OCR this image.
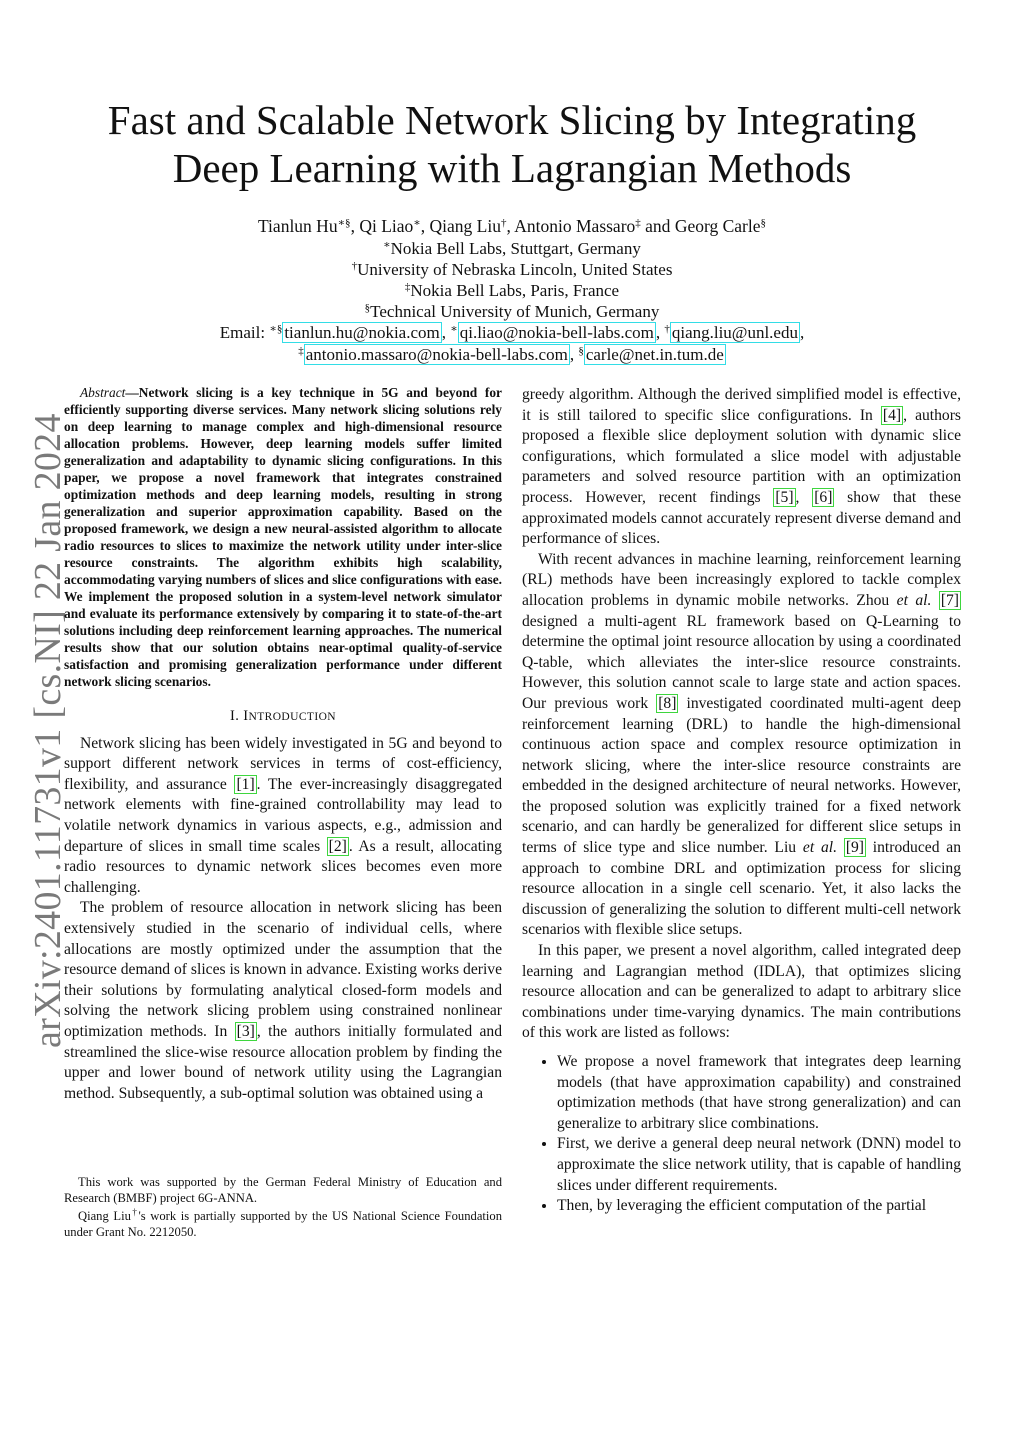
arXiv:2401.11731v1 [cs.NI] 22 Jan 2024
Fast and Scalable Network Slicing by Integrating
Deep Learning with Lagrangian Methods
Tianlun Hu∗§, Qi Liao∗, Qiang Liu†, Antonio Massaro‡ and Georg Carle§
∗Nokia Bell Labs, Stuttgart, Germany
†University of Nebraska Lincoln, United States
‡Nokia Bell Labs, Paris, France
§Technical University of Munich, Germany
Email: ∗§ tianlun.hu@nokia.com , ∗ qi.liao@nokia-bell-labs.com , † qiang.liu@unl.edu ,
‡ antonio.massaro@nokia-bell-labs.com , § carle@net.in.tum.de

Abstract—Network slicing is a key technique in 5G and beyond for efficiently supporting diverse services. Many network slicing solutions rely on deep learning to manage complex and high-dimensional resource allocation problems. However, deep learning models suffer limited generalization and adaptability to dynamic slicing configurations. In this paper, we propose a novel framework that integrates constrained optimization methods and deep learning models, resulting in strong generalization and superior approximation capability. Based on the proposed framework, we design a new neural-assisted algorithm to allocate radio resources to slices to maximize the network utility under inter-slice resource constraints. The algorithm exhibits high scalability, accommodating varying numbers of slices and slice configurations with ease. We implement the proposed solution in a system-level network simulator and evaluate its performance extensively by comparing it to state-of-the-art solutions including deep reinforcement learning approaches. The numerical results show that our solution obtains near-optimal quality-of-service satisfaction and promising generalization performance under different network slicing scenarios.

I. INTRODUCTION

Network slicing has been widely investigated in 5G and beyond to support different network services in terms of cost-efficiency, flexibility, and assurance [1] . The ever-increasingly disaggregated network elements with fine-grained controllability may lead to volatile network dynamics in various aspects, e.g., admission and departure of slices in small time scales [2] . As a result, allocating radio resources to dynamic network slices becomes even more challenging.

The problem of resource allocation in network slicing has been extensively studied in the scenario of individual cells, where allocations are mostly optimized under the assumption that the resource demand of slices is known in advance. Existing works derive their solutions by formulating analytical closed-form models and solving the network slicing problem using constrained nonlinear optimization methods. In [3] , the authors initially formulated and streamlined the slice-wise resource allocation problem by finding the upper and lower bound of network utility using the Lagrangian method. Subsequently, a sub-optimal solution was obtained using a

This work was supported by the German Federal Ministry of Education and Research (BMBF) project 6G-ANNA.

Qiang Liu†'s work is partially supported by the US National Science Foundation under Grant No. 2212050.

greedy algorithm. Although the derived simplified model is effective, it is still tailored to specific slice configurations. In [4] , authors proposed a flexible slice deployment solution with dynamic slice configurations, which formulated a slice model with adjustable parameters and solved resource partition with an optimization process. However, recent findings [5] , [6] show that these approximated models cannot accurately represent diverse demand and performance of slices.

With recent advances in machine learning, reinforcement learning (RL) methods have been increasingly explored to tackle complex allocation problems in dynamic mobile networks. Zhou et al. [7] designed a multi-agent RL framework based on Q-Learning to determine the optimal joint resource allocation by using a coordinated Q-table, which alleviates the inter-slice resource constraints. However, this solution cannot scale to large state and action spaces. Our previous work [8] investigated coordinated multi-agent deep reinforcement learning (DRL) to handle the high-dimensional continuous action space and complex resource optimization in network slicing, where the inter-slice resource constraints are embedded in the designed architecture of neural networks. However, the proposed solution was explicitly trained for a fixed network scenario, and can hardly be generalized for different slice setups in terms of slice type and slice number. Liu et al. [9] introduced an approach to combine DRL and optimization process for slicing resource allocation in a single cell scenario. Yet, it also lacks the discussion of generalizing the solution to different multi-cell network scenarios with flexible slice setups.

In this paper, we present a novel algorithm, called integrated deep learning and Lagrangian method (IDLA), that optimizes slicing resource allocation and can be generalized to adapt to arbitrary slice combinations under time-varying dynamics. The main contributions of this work are listed as follows:

• We propose a novel framework that integrates deep learning models (that have approximation capability) and constrained optimization methods (that have strong generalization) and can generalize to arbitrary slice combinations.
• First, we derive a general deep neural network (DNN) model to approximate the slice network utility, that is capable of handling slices under different requirements.
• Then, by leveraging the efficient computation of the partial
